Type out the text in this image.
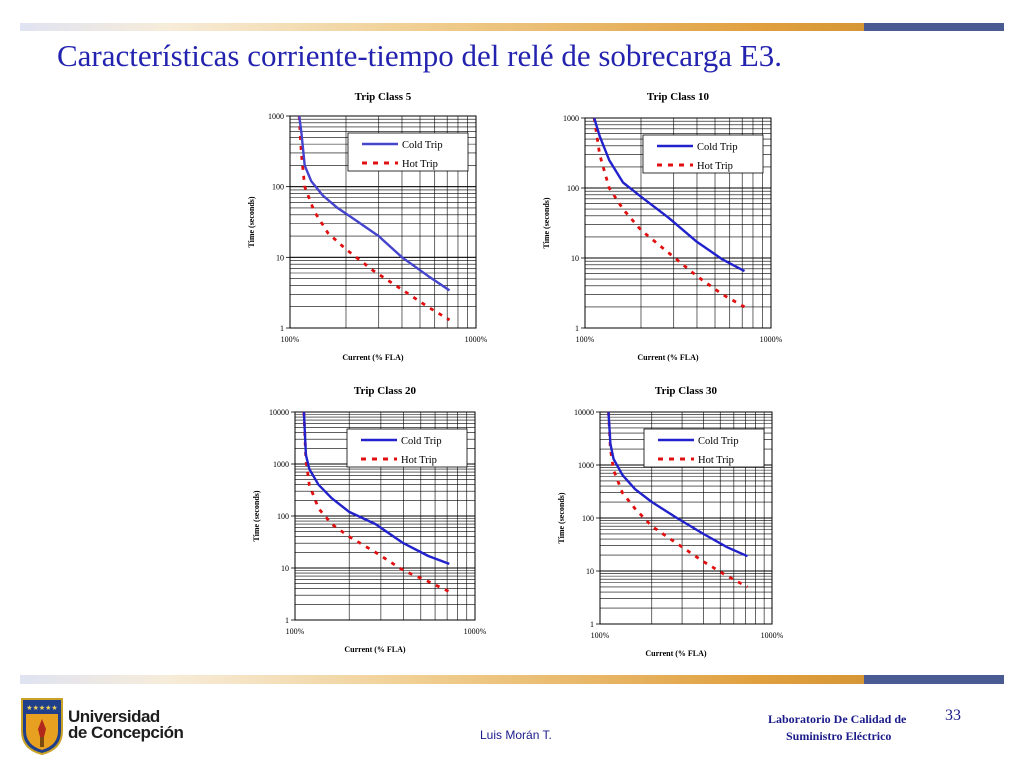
Características corriente-tiempo del relé de sobrecarga E3.
Trip Class 5
1
10
100
1000
100%	1000%
Current (% FLA)
Time (seconds)
Cold Trip
Hot Trip
Trip Class 10
1
10
100
1000
100%	1000%
Current (% FLA)
Time (seconds)
Cold Trip
Hot Trip
Trip Class 20
1
10
100
1000
10000
100%	1000%
Current (% FLA)
Time (seconds)
Cold Trip
Hot Trip
Trip Class 30
1
10
100
1000
10000
100%	1000%
Current (% FLA)
Time (seconds)
Cold Trip
Hot Trip
★★★★★ Universidad
de Concepción	Luis Morán T.
Laboratorio De Calidad de
Suministro Eléctrico
33
